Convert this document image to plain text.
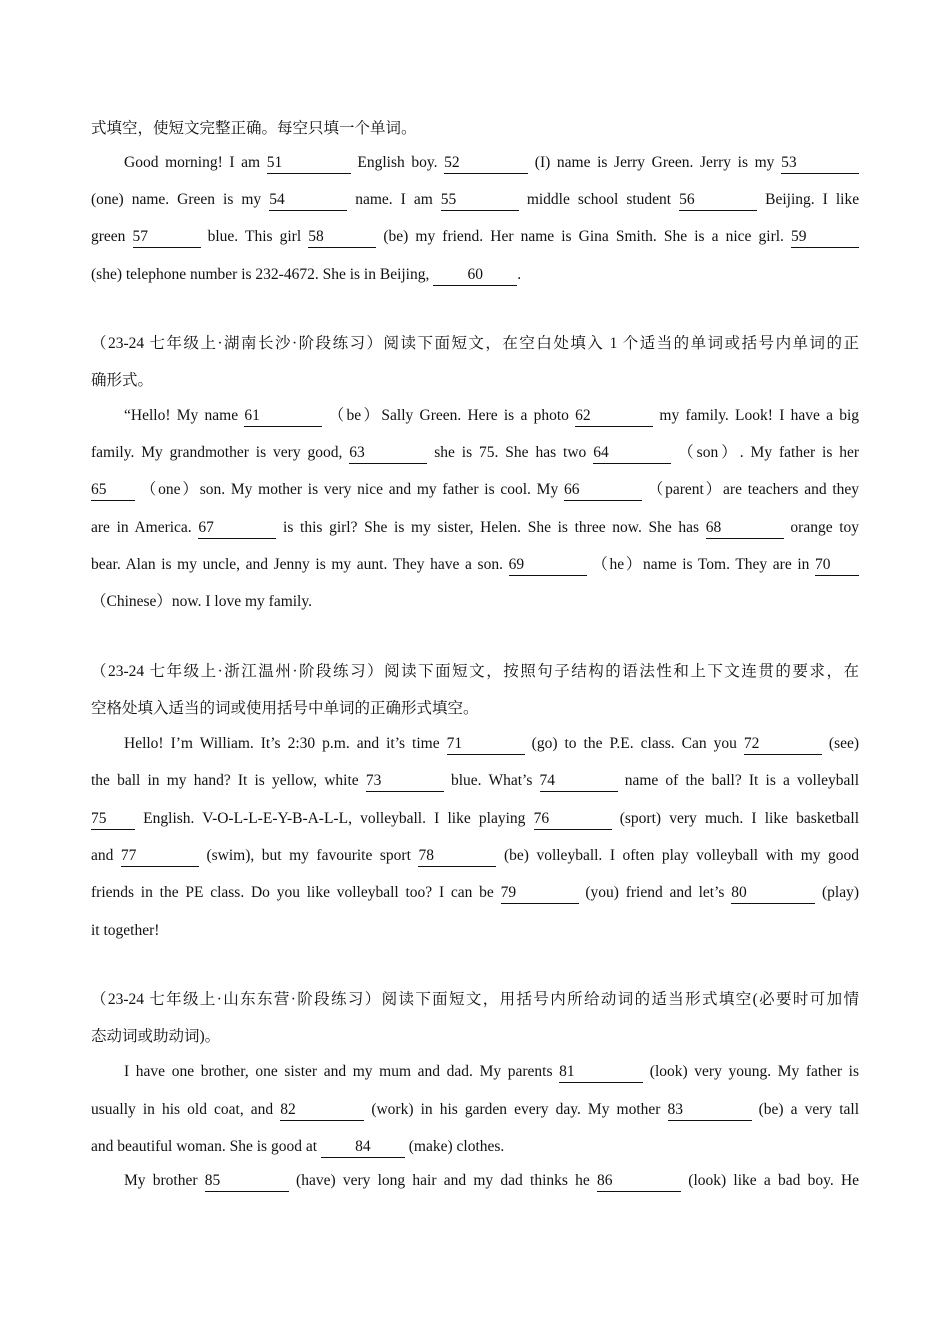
式填空，使短文完整正确。每空只填一个单词。
Good morning! I am 51	English boy. 52	(I) name is Jerry Green. Jerry is my 53
(one) name. Green is my 54	name. I am 55	middle school student 56	Beijing. I like
green 57	blue. This girl 58	(be) my friend. Her name is Gina Smith. She is a nice girl. 59
(she) telephone number is 232-4672. She is in Beijing, 60 .
（23-24 七年级上·湖南长沙·阶段练习）阅读下面短文，在空白处填入 1 个适当的单词或括号内单词的正
确形式。
“Hello! My name 61	（be）Sally Green. Here is a photo 62	my family. Look! I have a big
family. My grandmother is very good, 63	she is 75. She has two 64	（son）. My father is her
65 （one）son. My mother is very nice and my father is cool. My 66	（parent）are teachers and they
are in America. 67	is this girl? She is my sister, Helen. She is three now. She has 68	orange toy
bear. Alan is my uncle, and Jenny is my aunt. They have a son. 69	（he）name is Tom. They are in 70
（Chinese）now. I love my family.
（23-24 七年级上·浙江温州·阶段练习）阅读下面短文，按照句子结构的语法性和上下文连贯的要求，在
空格处填入适当的词或使用括号中单词的正确形式填空。
Hello! I’m William. It’s 2:30 p.m. and it’s time 71	(go) to the P.E. class. Can you 72	(see)
the ball in my hand? It is yellow, white 73	blue. What’s 74	name of the ball? It is a volleyball
75 English. V-O-L-L-E-Y-B-A-L-L, volleyball. I like playing 76	(sport) very much. I like basketball
and 77	(swim), but my favourite sport 78	(be) volleyball. I often play volleyball with my good
friends in the PE class. Do you like volleyball too? I can be 79	(you) friend and let’s 80	(play)
it together!
（23-24 七年级上·山东东营·阶段练习）阅读下面短文，用括号内所给动词的适当形式填空(必要时可加情
态动词或助动词)。
I have one brother, one sister and my mum and dad. My parents 81	(look) very young. My father is
usually in his old coat, and 82	(work) in his garden every day. My mother 83	(be) a very tall
and beautiful woman. She is good at 84 (make) clothes.
My brother 85	(have) very long hair and my dad thinks he 86	(look) like a bad boy. He
